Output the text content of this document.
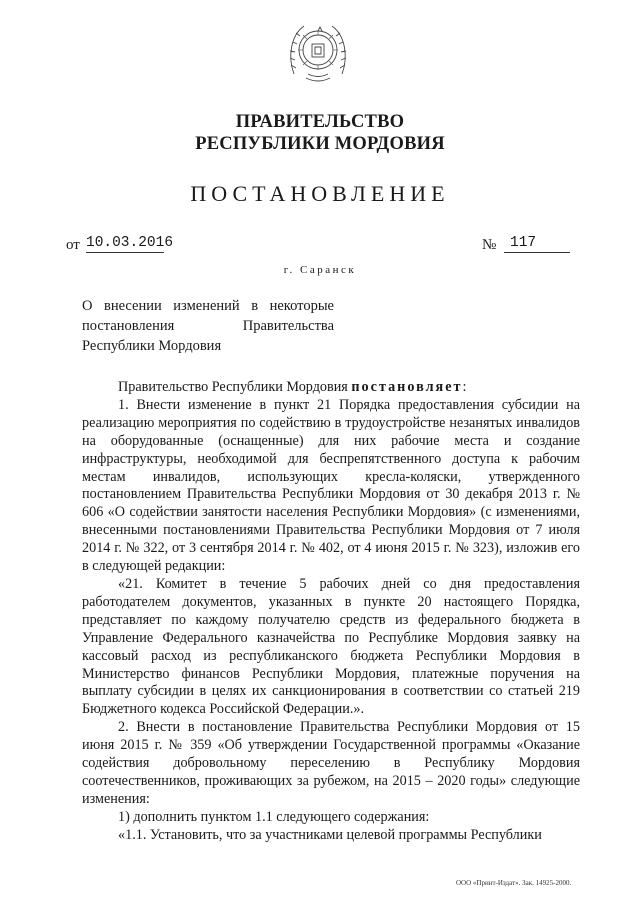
ПРАВИТЕЛЬСТВО
РЕСПУБЛИКИ МОРДОВИЯ
ПОСТАНОВЛЕНИЕ
от 10.03.2016	№ 117
г. Саранск
О внесении изменений в некоторые
постановления Правительства
Республики Мордовия

Правительство Республики Мордовия постановляет:

1. Внести изменение в пункт 21 Порядка предоставления субсидии на реализацию мероприятия по содействию в трудоустройстве незанятых инвалидов на оборудованные (оснащенные) для них рабочие места и создание инфраструктуры, необходимой для беспрепятственного доступа к рабочим местам инвалидов, использующих кресла-коляски, утвержденного постановлением Правительства Республики Мордовия от 30 декабря 2013 г. № 606 «О содействии занятости населения Республики Мордовия» (с изменениями, внесенными постановлениями Правительства Республики Мордовия от 7 июля 2014 г. № 322, от 3 сентября 2014 г. № 402, от 4 июня 2015 г. № 323), изложив его в следующей редакции:

«21. Комитет в течение 5 рабочих дней со дня предоставления работодателем документов, указанных в пункте 20 настоящего Порядка, представляет по каждому получателю средств из федерального бюджета в Управление Федерального казначейства по Республике Мордовия заявку на кассовый расход из республиканского бюджета Республики Мордовия в Министерство финансов Республики Мордовия, платежные поручения на выплату субсидии в целях их санкционирования в соответствии со статьей 219 Бюджетного кодекса Российской Федерации.».

2. Внести в постановление Правительства Республики Мордовия от 15 июня 2015 г. № 359 «Об утверждении Государственной программы «Оказание содействия добровольному переселению в Республику Мордовия соотечественников, проживающих за рубежом, на 2015 – 2020 годы» следующие изменения:

1) дополнить пунктом 1.1 следующего содержания:

«1.1. Установить, что за участниками целевой программы Республики

ООО «Принт-Издат». Зак. 14925-2000.
